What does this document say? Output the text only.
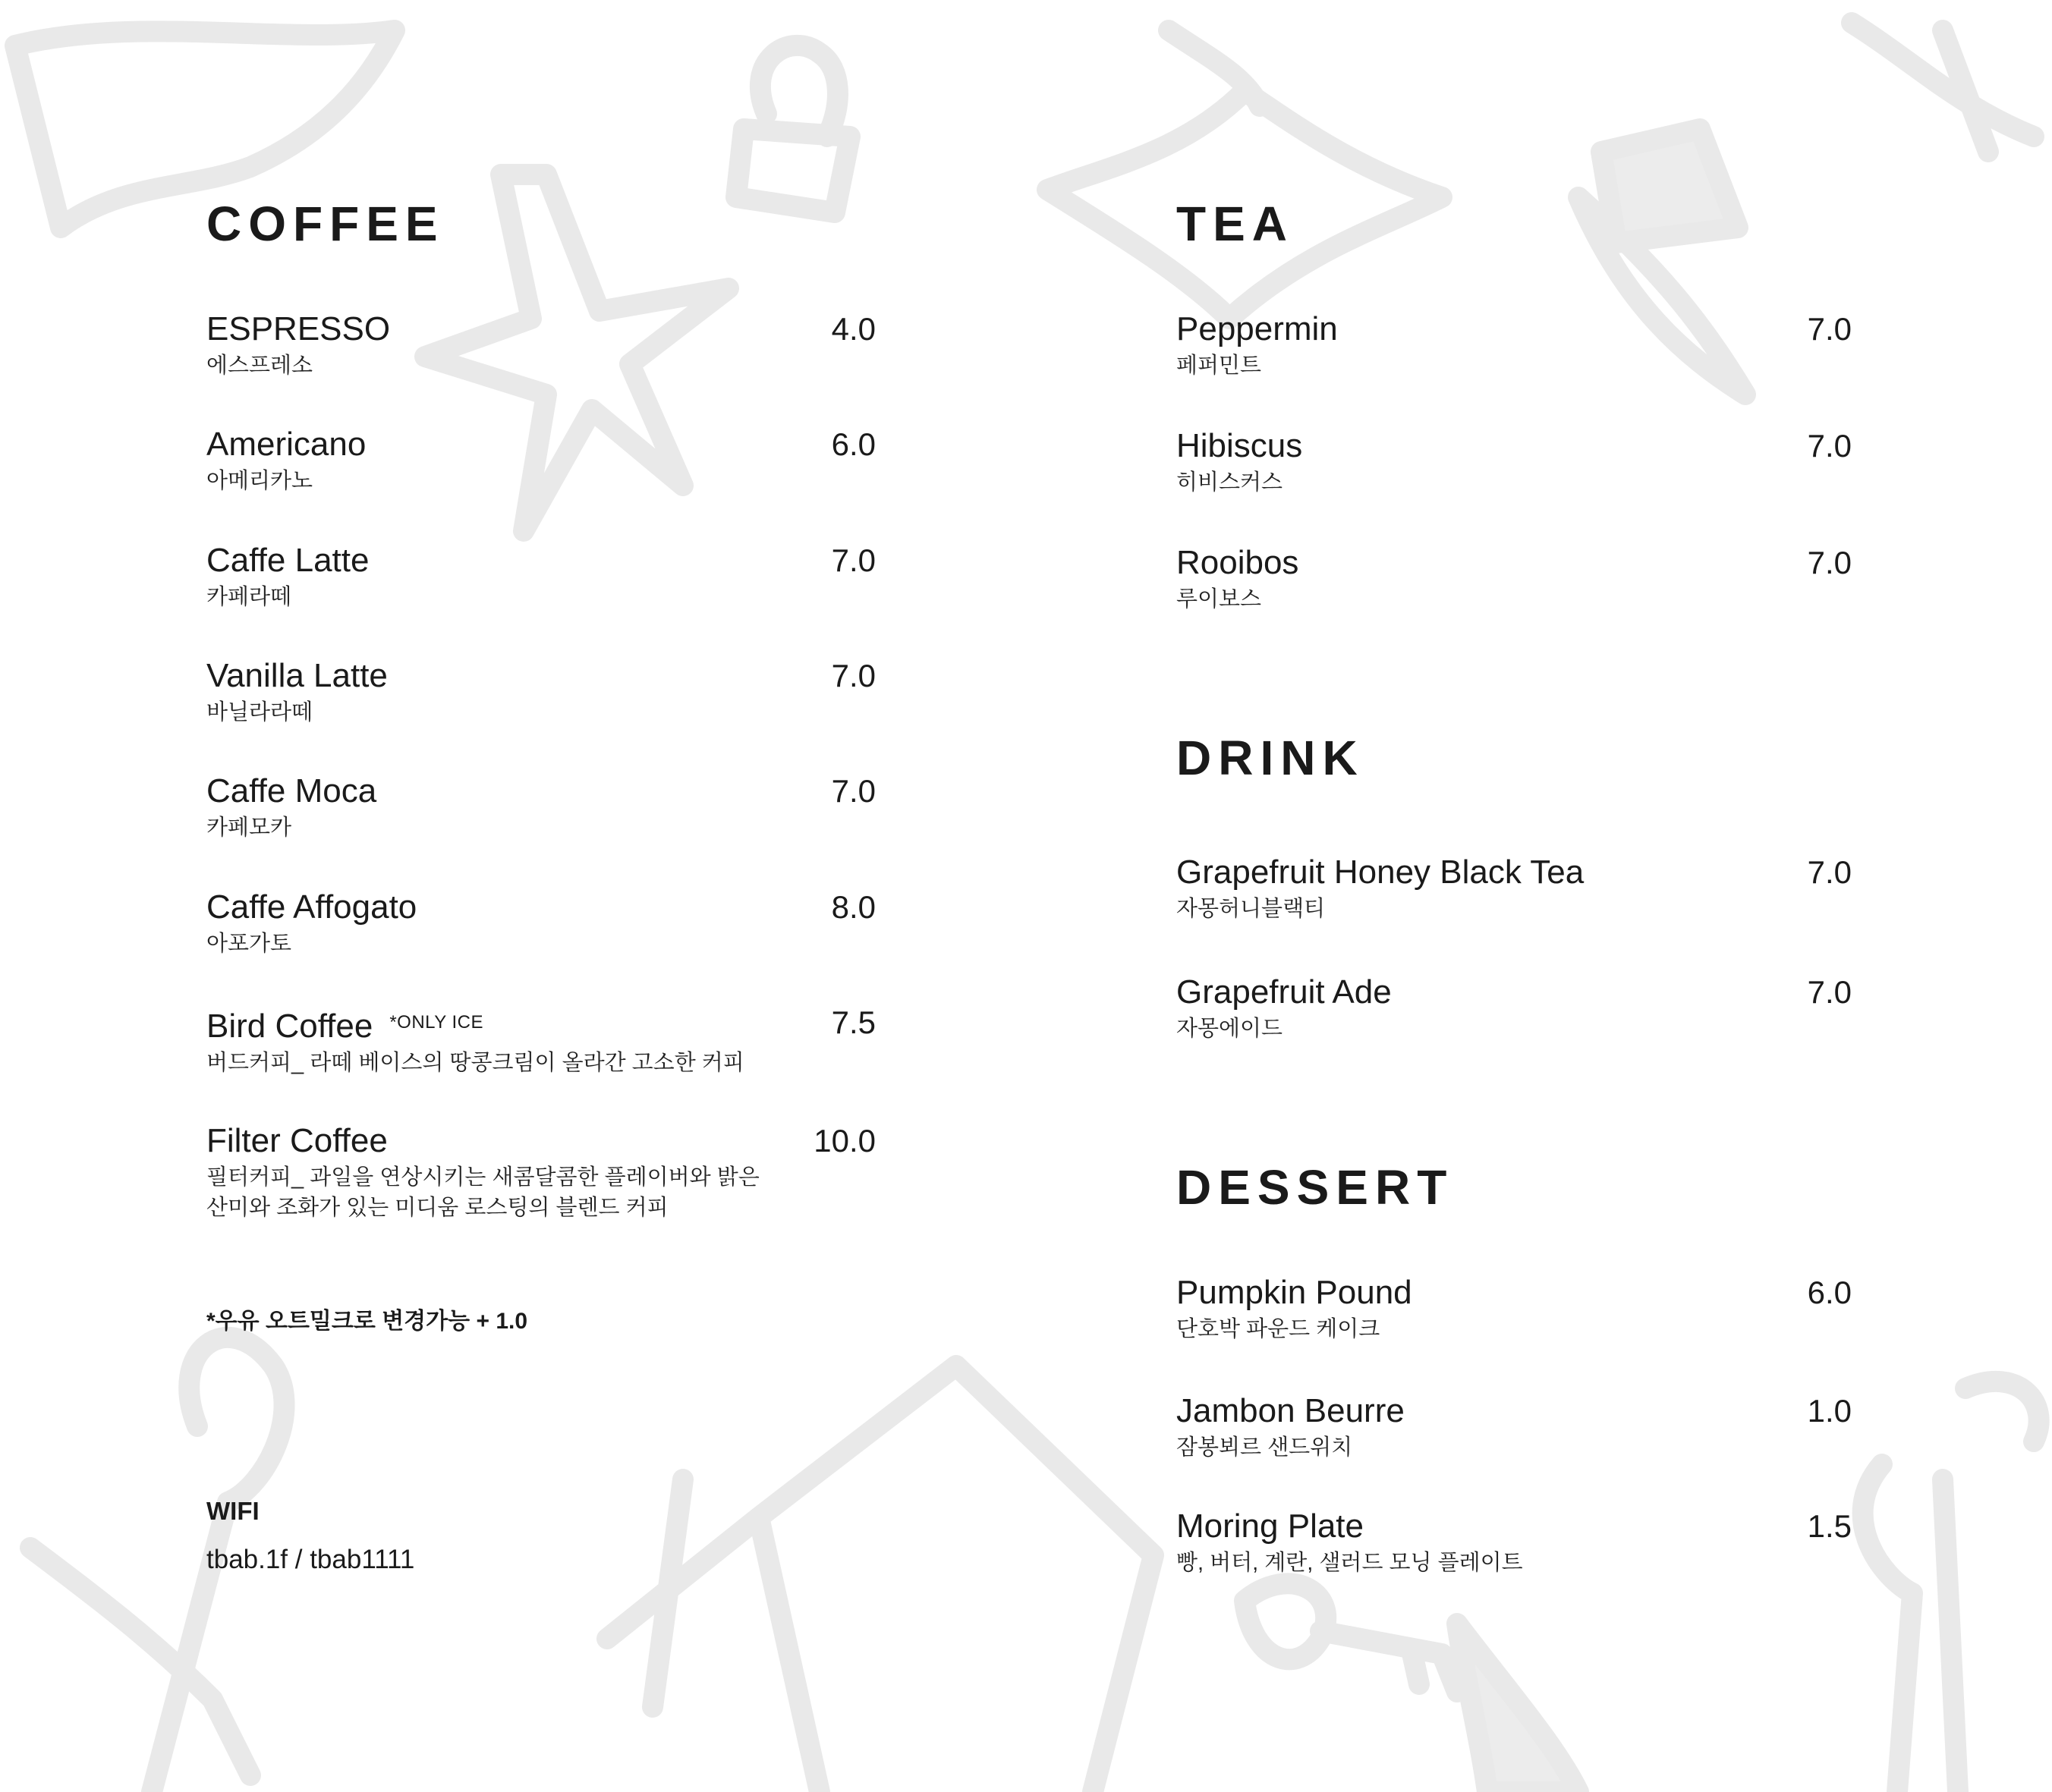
COFFEE
ESPRESSO
에스프레소
4.0
Americano
아메리카노
6.0
Caffe Latte
카페라떼
7.0
Vanilla Latte
바닐라라떼
7.0
Caffe Moca
카페모카
7.0
Caffe Affogato
아포가토
8.0
Bird Coffee $^{*ONLY ICE}$
버드커피_ 라떼 베이스의 땅콩크림이 올라간 고소한 커피
7.5
Filter Coffee
필터커피_ 과일을 연상시키는 새콤달콤한 플레이버와 밝은
산미와 조화가 있는 미디움 로스팅의 블렌드 커피
10.0
*우유 오트밀크로 변경가능 + 1.0
WIFI
tbab.1f / tbab1111
TEA
Peppermin
페퍼민트
7.0
Hibiscus
히비스커스
7.0
Rooibos
루이보스
7.0
DRINK
Grapefruit Honey Black Tea
자몽허니블랙티
7.0
Grapefruit Ade
자몽에이드
7.0
DESSERT
Pumpkin Pound
단호박 파운드 케이크
6.0
Jambon Beurre
잠봉뵈르 샌드위치
1.0
Moring Plate
빵, 버터, 계란, 샐러드 모닝 플레이트
1.5
